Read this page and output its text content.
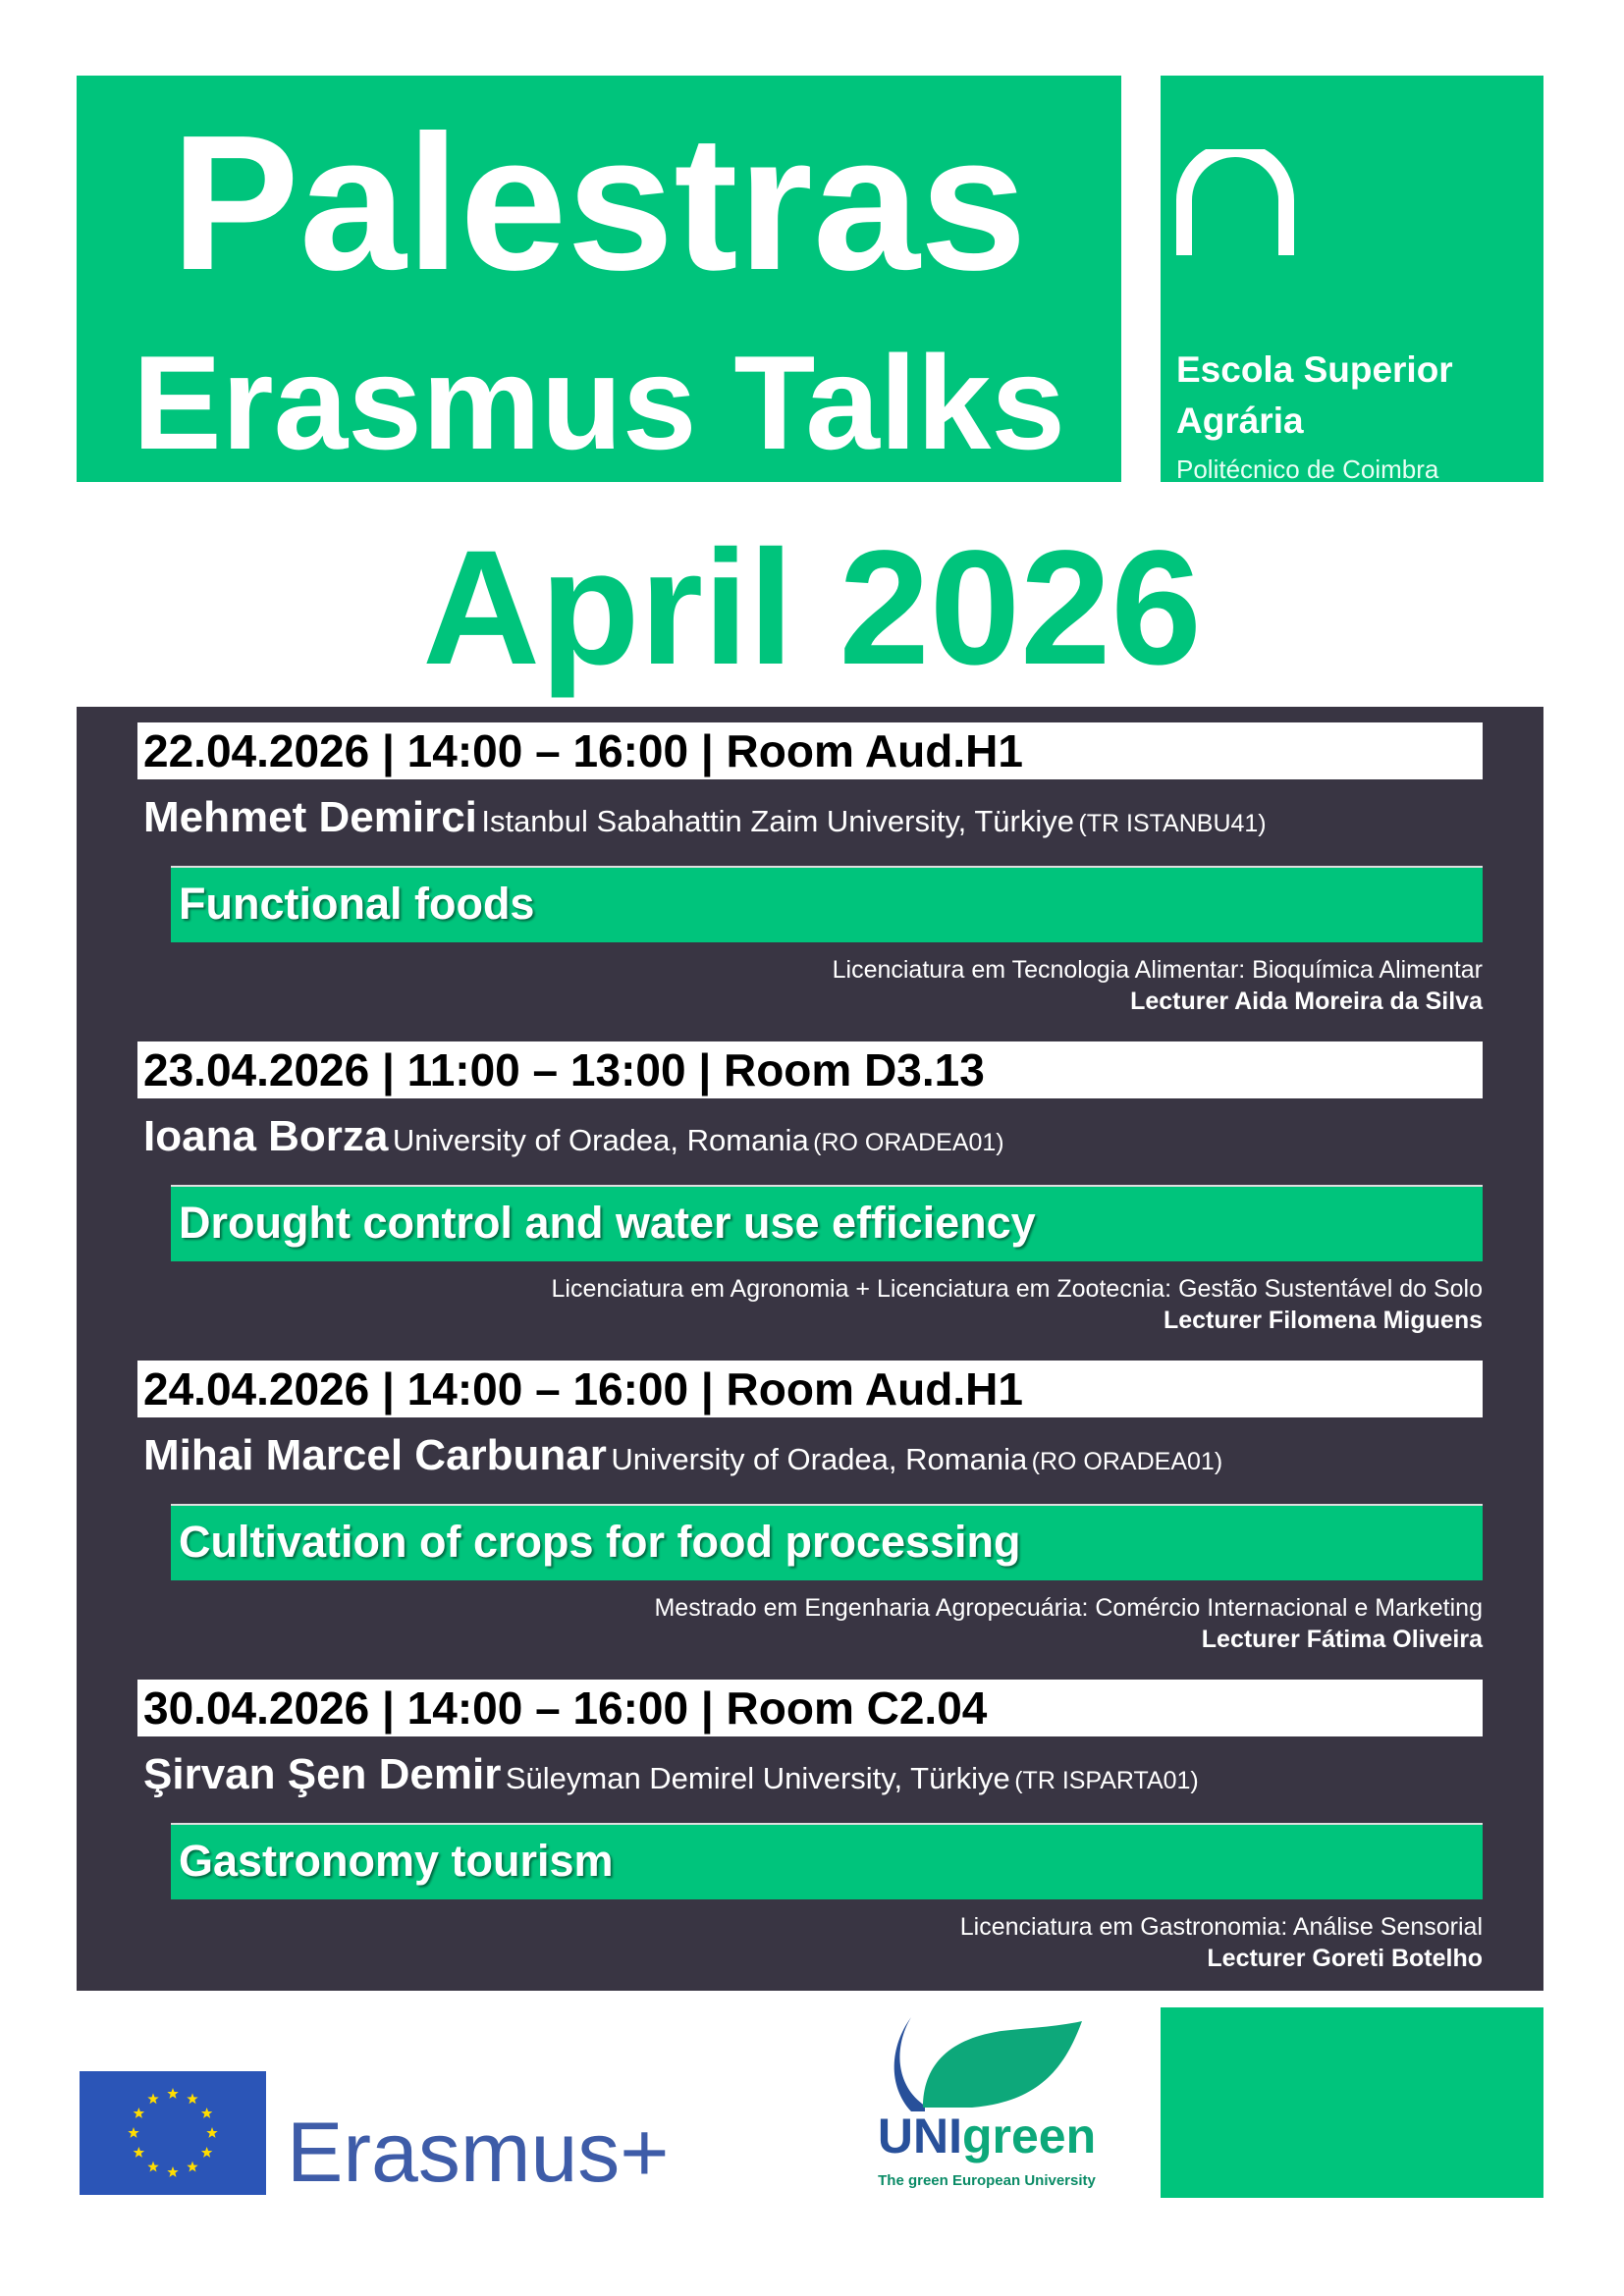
Palestras
Erasmus Talks	Escola Superior
Agrária
Politécnico de Coimbra
April 2026
22.04.2026 | 14:00 – 16:00 | Room Aud.H1
Mehmet Demirci Istanbul Sabahattin Zaim University, Türkiye (TR ISTANBU41)
Functional foods
Licenciatura em Tecnologia Alimentar: Bioquímica Alimentar
Lecturer Aida Moreira da Silva
23.04.2026 | 11:00 – 13:00 | Room D3.13
Ioana Borza University of Oradea, Romania (RO ORADEA01)
Drought control and water use efficiency
Licenciatura em Agronomia + Licenciatura em Zootecnia: Gestão Sustentável do Solo
Lecturer Filomena Miguens
24.04.2026 | 14:00 – 16:00 | Room Aud.H1
Mihai Marcel Carbunar University of Oradea, Romania (RO ORADEA01)
Cultivation of crops for food processing
Mestrado em Engenharia Agropecuária: Comércio Internacional e Marketing
Lecturer Fátima Oliveira
30.04.2026 | 14:00 – 16:00 | Room C2.04
Şirvan Şen Demir Süleyman Demirel University, Türkiye (TR ISPARTA01)
Gastronomy tourism
Licenciatura em Gastronomia: Análise Sensorial
Lecturer Goreti Botelho
Erasmus+	UNIgreen
The green European University
